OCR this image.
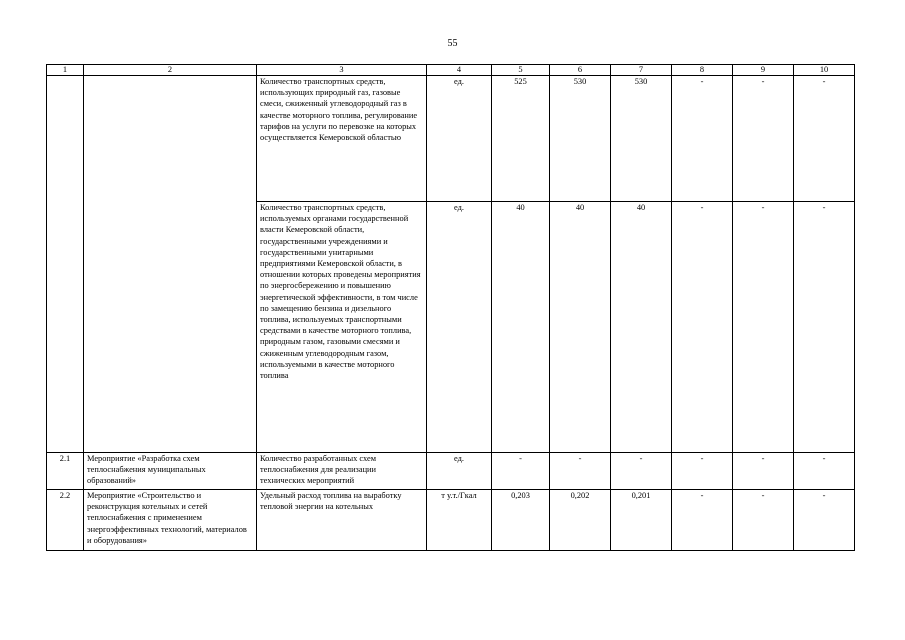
55
1	2	3	4	5	6	7	8	9	10
		Количество транспортных средств, использующих природный газ, газовые смеси, сжиженный углеводородный газ в качестве моторного топлива, регулирование тарифов на услуги по перевозке на которых осуществляется Кемеровской областью	ед.	525	530	530	-	-	-
		Количество транспортных средств, используемых органами государственной власти Кемеровской области, государственными учреждениями и государственными унитарными предприятиями Кемеровской области, в отношении которых проведены мероприятия по энергосбережению и повышению энергетической эффективности, в том числе по замещению бензина и дизельного топлива, используемых транспортными средствами в качестве моторного топлива, природным газом, газовыми смесями и сжиженным углеводородным газом, используемыми в качестве моторного топлива	ед.	40	40	40	-	-	-
2.1	Мероприятие «Разработка схем теплоснабжения муниципальных образований»	Количество разработанных схем теплоснабжения для реализации технических мероприятий	ед.	-	-	-	-	-	-
2.2	Мероприятие «Строительство и реконструкция котельных и сетей теплоснабжения с применением энергоэффективных технологий, материалов и оборудования»	Удельный расход топлива на выработку тепловой энергии на котельных	т у.т./Гкал	0,203	0,202	0,201	-	-	-
